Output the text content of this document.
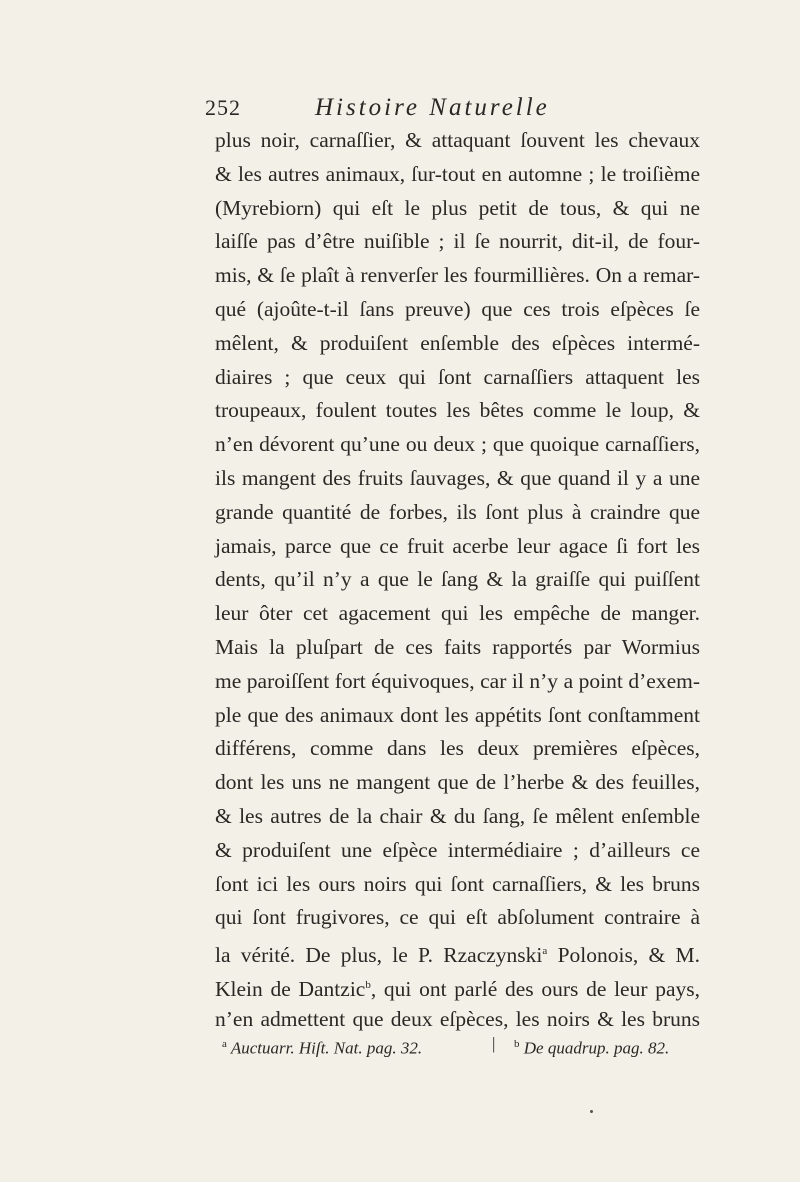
252	Histoire Naturelle
plus noir, carnaſſier, & attaquant ſouvent les chevaux
& les autres animaux, ſur-tout en automne ; le troiſième
(Myrebiorn) qui eſt le plus petit de tous, & qui ne
laiſſe pas d’être nuiſible ; il ſe nourrit, dit-il, de four-
mis, & ſe plaît à renverſer les fourmillières. On a remar-
qué (ajoûte-t-il ſans preuve) que ces trois eſpèces ſe
mêlent, & produiſent enſemble des eſpèces intermé-
diaires ; que ceux qui ſont carnaſſiers attaquent les
troupeaux, foulent toutes les bêtes comme le loup, &
n’en dévorent qu’une ou deux ; que quoique carnaſſiers,
ils mangent des fruits ſauvages, & que quand il y a une
grande quantité de forbes, ils ſont plus à craindre que
jamais, parce que ce fruit acerbe leur agace ſi fort les
dents, qu’il n’y a que le ſang & la graiſſe qui puiſſent
leur ôter cet agacement qui les empêche de manger.
Mais la pluſpart de ces faits rapportés par Wormius
me paroiſſent fort équivoques, car il n’y a point d’exem-
ple que des animaux dont les appétits ſont conſtamment
différens, comme dans les deux premières eſpèces,
dont les uns ne mangent que de l’herbe & des feuilles,
& les autres de la chair & du ſang, ſe mêlent enſemble
& produiſent une eſpèce intermédiaire ; d’ailleurs ce
ſont ici les ours noirs qui ſont carnaſſiers, & les bruns
qui ſont frugivores, ce qui eſt abſolument contraire à
la vérité. De plus, le P. Rzaczynski$^a$ Polonois, & M.
Klein de Dantzic$^b$, qui ont parlé des ours de leur pays,
n’en admettent que deux eſpèces, les noirs & les bruns
$^a$ Auctuarr. Hiſt. Nat. pag. 32.	| $^b$ De quadrup. pag. 82.
